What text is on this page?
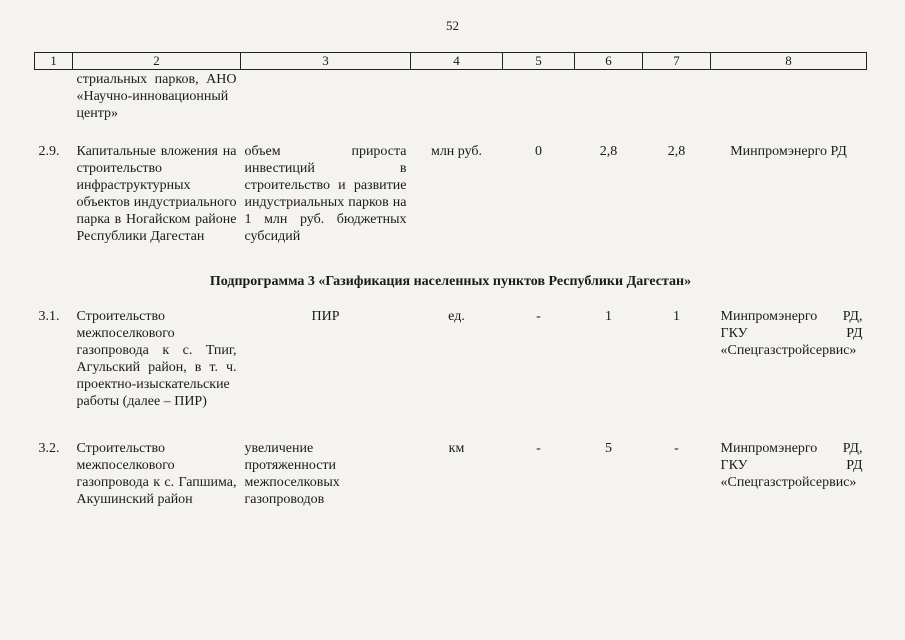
52
1	2	3	4	5	6	7	8
	стриальных парков, АНО «Научно-инновационный центр»						
2.9.	Капитальные вложения на строительство инфраструктурных объектов индустриального парка в Ногайском районе Республики Дагестан	объем прироста инвестиций в строительство и развитие индустриальных парков на 1 млн руб. бюджетных субсидий	млн руб.	0	2,8	2,8	Минпромэнерго РД
Подпрограмма 3 «Газификация населенных пунктов Республики Дагестан»							
3.1.	Строительство межпоселкового газопровода к с. Тпиг, Агульский район, в т. ч. проектно-изыскательские работы (далее – ПИР)	ПИР	ед.	-	1	1	Минпромэнерго РД, ГКУ РД «Спецгазстройсервис»

3.2.	Строительство межпоселкового газопровода к с. Гапшима, Акушинский район	увеличение протяженности межпоселковых газопроводов	км	-	5	-	Минпромэнерго РД, ГКУ РД «Спецгазстройсервис»
